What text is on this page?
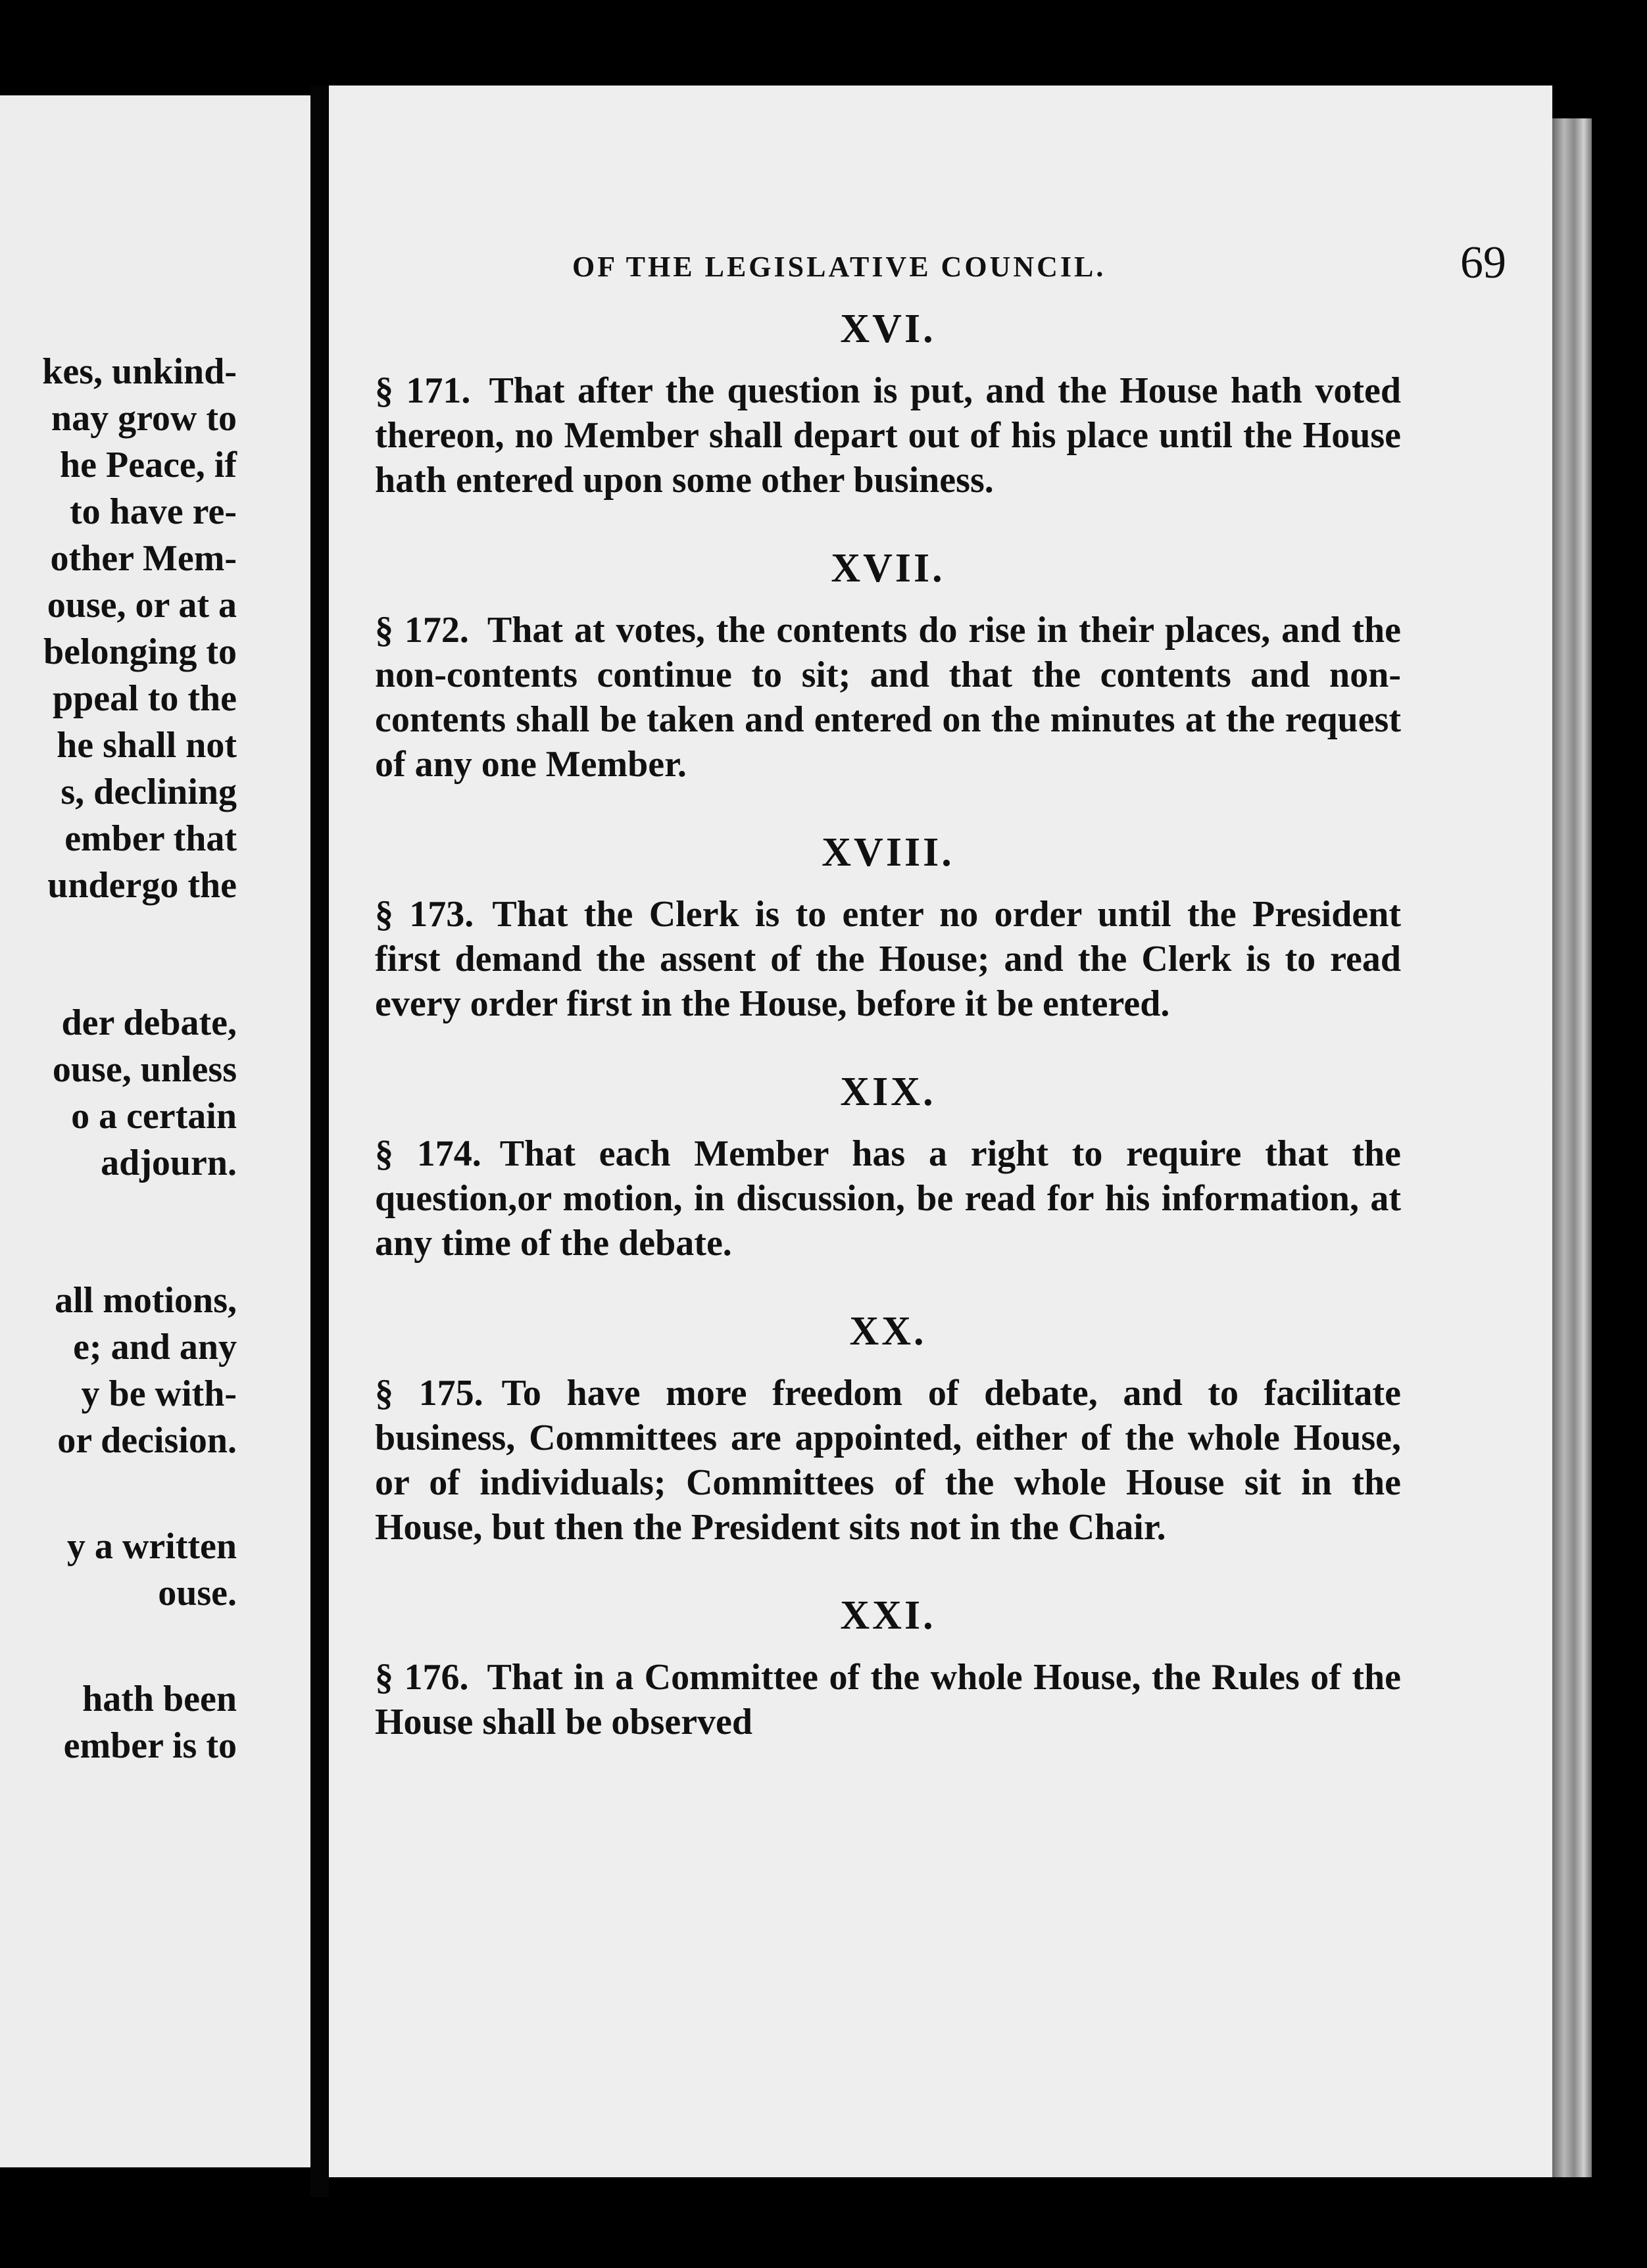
kes, unkind-
nay grow to
he Peace, if
to have re-
other Mem-
ouse, or at a
belonging to
ppeal to the
he shall not
s, declining
ember that
undergo the
der debate,
ouse, unless
o a certain
adjourn.
all motions,
e; and any
y be with-
or decision.
y a written
ouse.
hath been
ember is to
OF THE LEGISLATIVE COUNCIL.	69
XVI.
§ 171. That after the question is put, and the House hath voted thereon, no Member shall depart out of his place until the House hath entered upon some other business.
XVII.
§ 172. That at votes, the contents do rise in their places, and the non-contents continue to sit; and that the contents and non-contents shall be taken and entered on the minutes at the request of any one Member.
XVIII.
§ 173. That the Clerk is to enter no order until the President first demand the assent of the House; and the Clerk is to read every order first in the House, before it be entered.
XIX.
§ 174. That each Member has a right to require that the question,or motion, in discussion, be read for his information, at any time of the debate.
XX.
§ 175. To have more freedom of debate, and to facilitate business, Committees are appointed, either of the whole House, or of individuals; Committees of the whole House sit in the House, but then the President sits not in the Chair.
XXI.
§ 176. That in a Committee of the whole House, the Rules of the House shall be observed
